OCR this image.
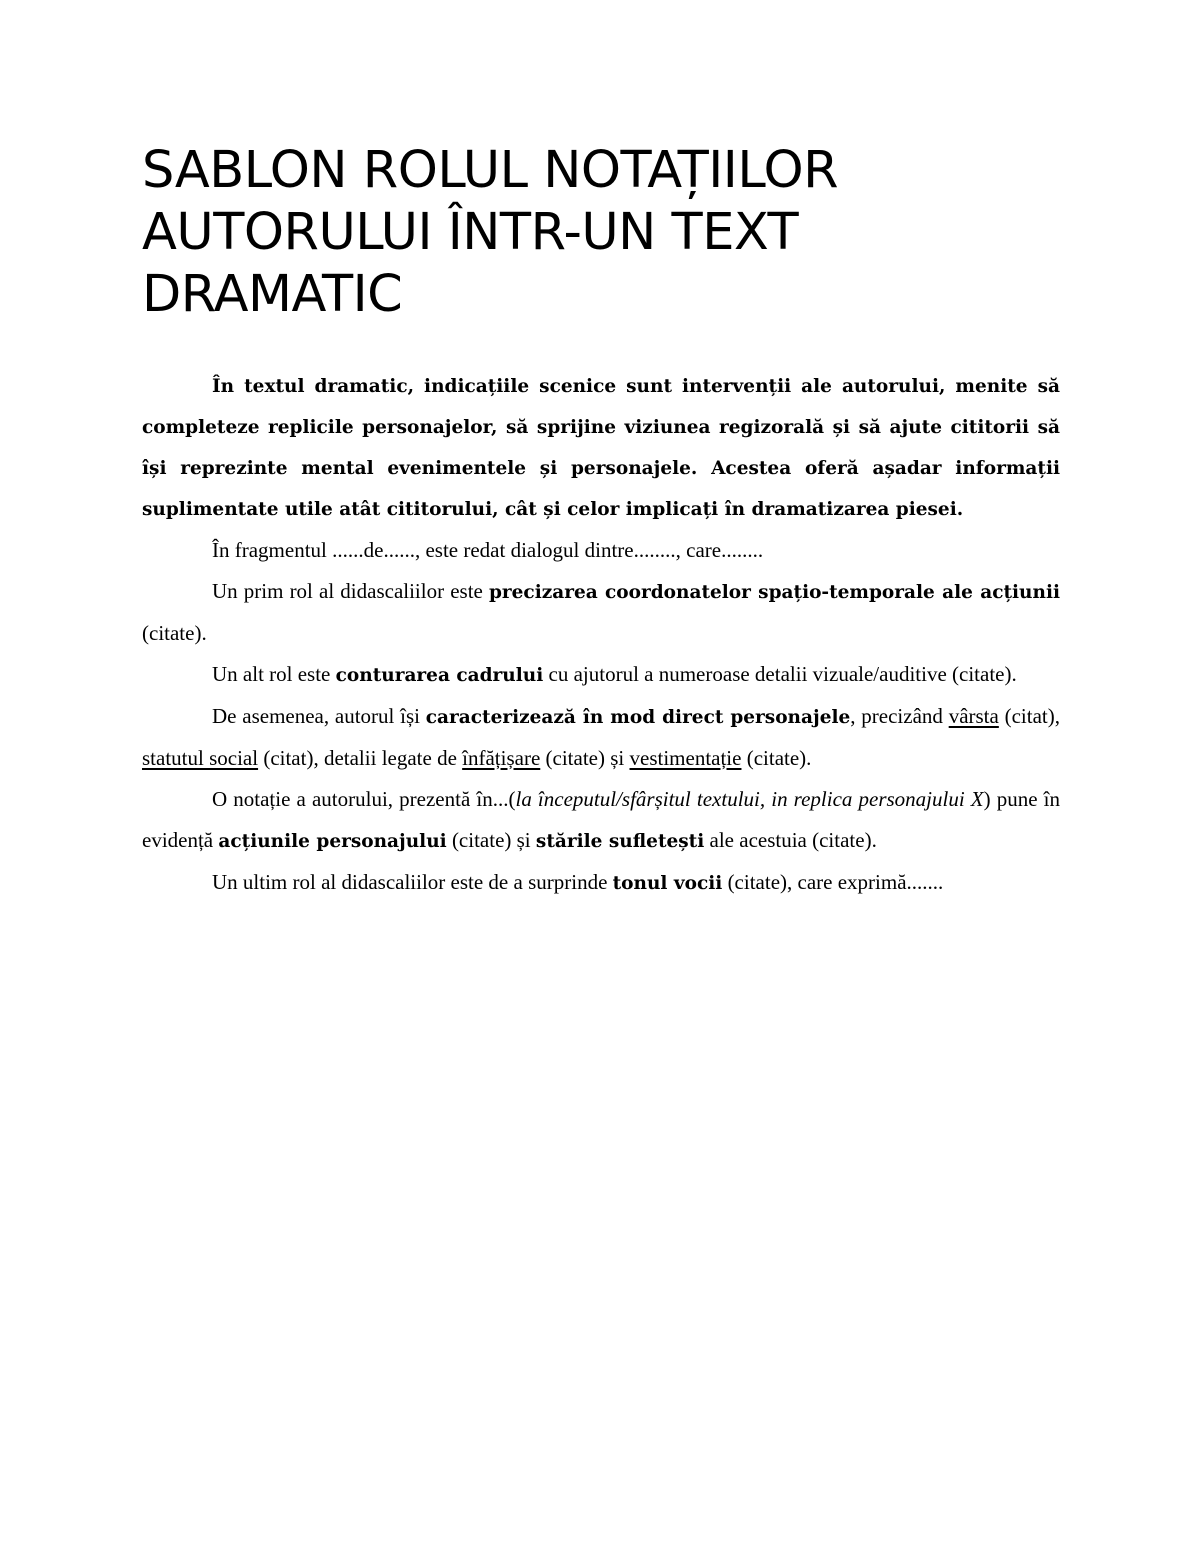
SABLON ROLUL NOTAȚIILOR AUTORULUI ÎNTR-UN TEXT DRAMATIC

În textul dramatic, indicațiile scenice sunt intervenții ale autorului, menite să completeze replicile personajelor, să sprijine viziunea regizorală și să ajute cititorii să își reprezinte mental evenimentele și personajele. Acestea oferă așadar informații suplimentate utile atât cititorului, cât și celor implicați în dramatizarea piesei.

În fragmentul ......de......, este redat dialogul dintre........, care........

Un prim rol al didascaliilor este precizarea coordonatelor spațio-temporale ale acțiunii (citate).

Un alt rol este conturarea cadrului cu ajutorul a numeroase detalii vizuale/auditive (citate).

De asemenea, autorul își caracterizează în mod direct personajele, precizând vârsta (citat), statutul social (citat), detalii legate de înfățișare (citate) și vestimentație (citate).

O notație a autorului, prezentă în...(la începutul/sfârșitul textului, in replica personajului X) pune în evidență acțiunile personajului (citate) și stările sufletești ale acestuia (citate).

Un ultim rol al didascaliilor este de a surprinde tonul vocii (citate), care exprimă.......
